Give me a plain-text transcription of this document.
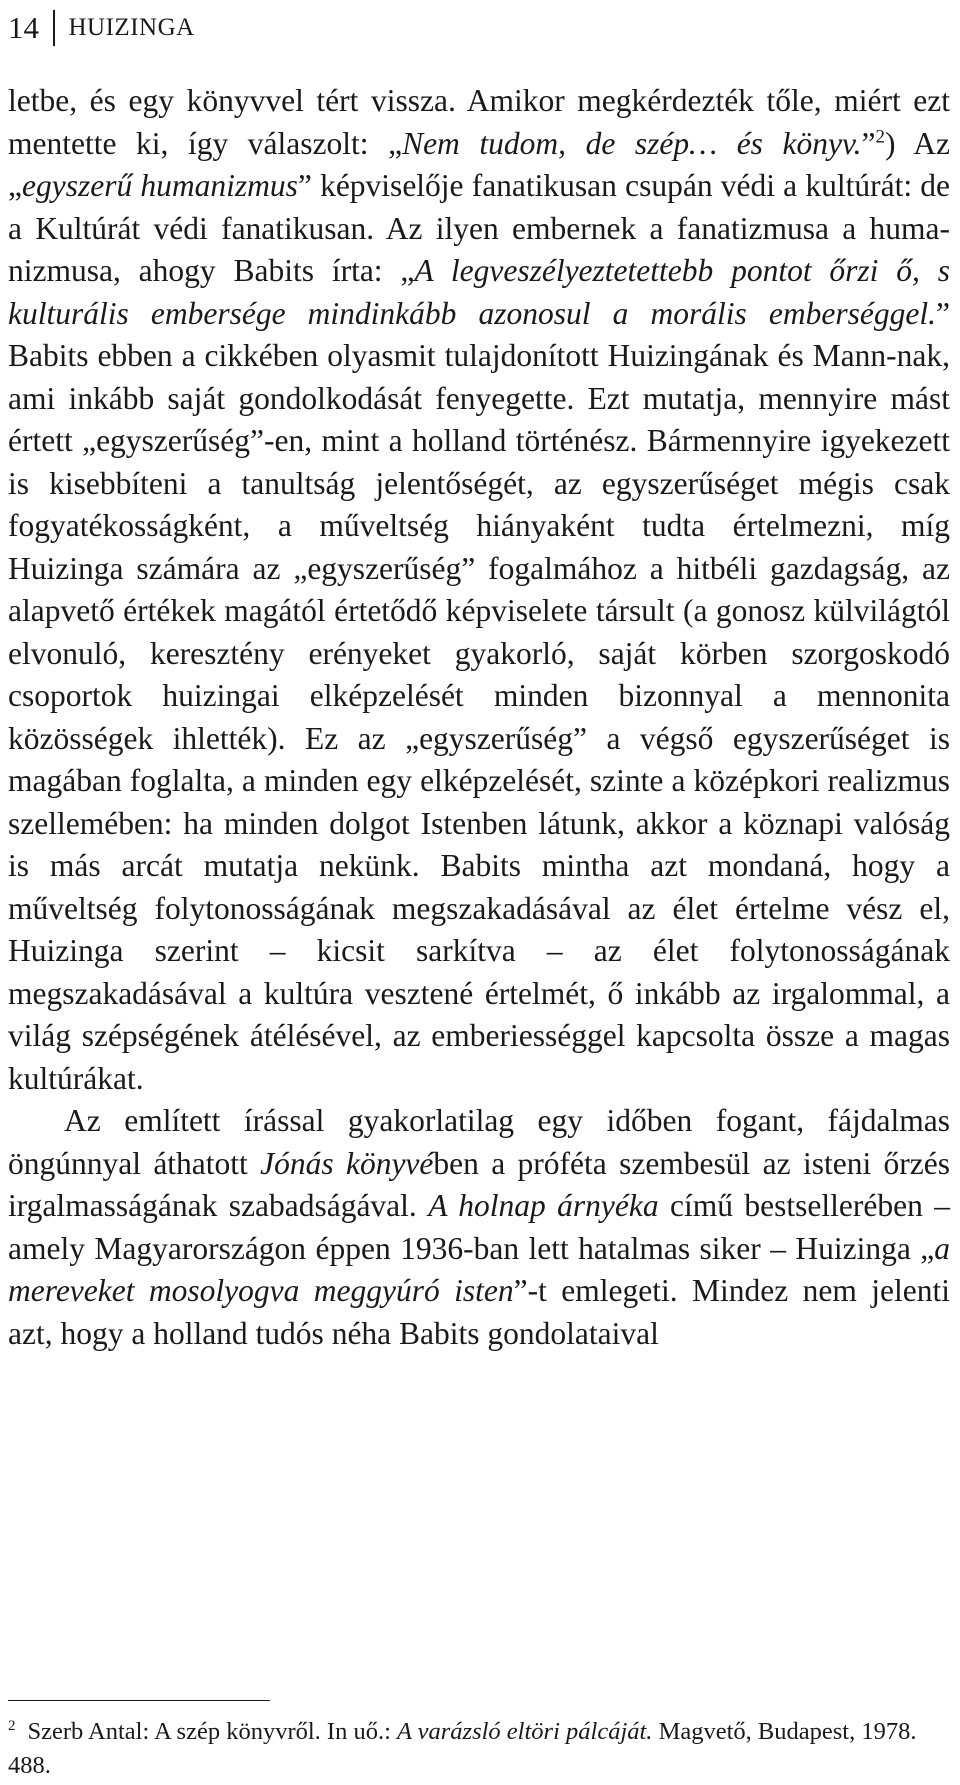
14 HUIZINGA

letbe, és egy könyvvel tért vissza. Amikor megkérdezték tőle, miért ezt mentette ki, így válaszolt: „Nem tudom, de szép… és könyv.”$^2$) Az „egyszerű humanizmus” képviselője fanatikusan csupán védi a kultúrát: de a Kultúrát védi fanatikusan. Az ilyen embernek a fanatizmusa a humanizmusa, ahogy Babits írta: „A legveszélyeztetettebb pontot őrzi ő, s kulturális embersége mindinkább azonosul a morális emberséggel.” Babits ebben a cikkében olyasmit tulajdonított Huizingának és Mann-nak, ami inkább saját gondolkodását fenyegette. Ezt mutatja, mennyire mást értett „egyszerűség”-en, mint a holland történész. Bármennyire igyekezett is kisebbíteni a tanultság jelentőségét, az egyszerűséget mégis csak fogyatékosságként, a műveltség hiányaként tudta értelmezni, míg Huizinga számára az „egyszerűség” fogalmához a hitbéli gazdagság, az alapvető értékek magától értetődő képviselete társult (a gonosz külvilágtól elvonuló, keresztény erényeket gyakorló, saját körben szorgoskodó csoportok huizingai elképzelését minden bizonnyal a mennonita közösségek ihlették). Ez az „egyszerűség” a végső egyszerűséget is magában foglalta, a minden egy elképzelését, szinte a középkori realizmus szellemében: ha minden dolgot Istenben látunk, akkor a köznapi valóság is más arcát mutatja nekünk. Babits mintha azt mondaná, hogy a műveltség folytonosságának megszakadásával az élet értelme vész el, Huizinga szerint – kicsit sarkítva – az élet folytonosságának megszakadásával a kultúra vesztené értelmét, ő inkább az irgalommal, a világ szépségének átélésével, az emberiességgel kapcsolta össze a magas kultúrákat.

Az említett írással gyakorlatilag egy időben fogant, fájdalmas öngúnnyal áthatott Jónás könyvében a próféta szembesül az isteni őrzés irgalmasságának szabadságával. A holnap árnyéka című bestsellerében – amely Magyarországon éppen 1936-ban lett hatalmas siker – Huizinga „a mereveket mosolyogva meggyúró isten”-t emlegeti. Mindez nem jelenti azt, hogy a holland tudós néha Babits gondolataival

$^2$ Szerb Antal: A szép könyvről. In uő.: A varázsló eltöri pálcáját. Magvető, Budapest, 1978. 488.
